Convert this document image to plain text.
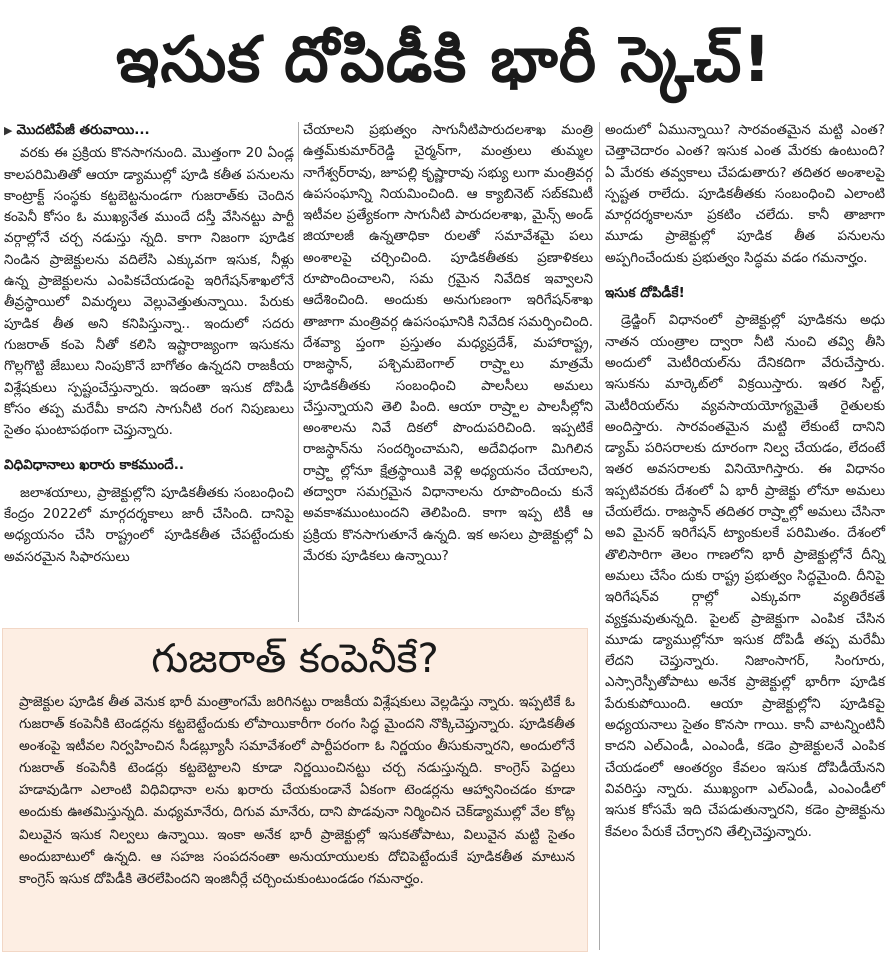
ఇసుక దోపిడీకి భారీ స్కెచ్!
▶ మొదటిపేజీ తరువాయి...

వరకు ఈ ప్రక్రియ కొనసాగనుంది. మొత్తంగా 20 ఏండ్ల కాలపరిమితితో ఆయా డ్యాముల్లో పూడి కతీత పనులను కాంట్రాక్ట్ సంస్థకు కట్టబెట్టనుండగా గుజరాత్‌కు చెందిన కంపెనీ కోసం ఓ ముఖ్యనేత ముందే దస్తీ వేసినట్టు పార్టీ వర్గాల్లోనే చర్చ నడుస్తు న్నది. కాగా నిజంగా పూడిక నిండిన ప్రాజెక్టులను వదిలేసి ఎక్కువగా ఇసుక, నీళ్లు ఉన్న ప్రాజెక్టులను ఎంపికచేయడంపై ఇరిగేషన్‌శాఖలోనే తీవ్రస్థాయిలో విమర్శలు వెల్లువెత్తుతున్నాయి. పేరుకు పూడిక తీత అని కనిపిస్తున్నా.. ఇందులో సదరు గుజరాత్ కంపె నీతో కలిసి ఇష్టారాజ్యంగా ఇసుకను గొల్లగొట్టి జేబులు నింపుకొనే బాగోతం ఉన్నదని రాజకీయ విశ్లేషకులు స్పష్టంచేస్తున్నారు. ఇదంతా ఇసుక దోపిడీ కోసం తప్ప మరేమీ కాదని సాగునీటి రంగ నిపుణులు సైతం ఘంటాపథంగా చెప్తున్నారు.

విధివిధానాలు ఖరారు కాకముందే..

జలాశయాలు, ప్రాజెక్టుల్లోని పూడికతీతకు సంబంధించి కేంద్రం 2022లో మార్గదర్శకాలు జారీ చేసింది. దానిపై అధ్యయనం చేసి రాష్ట్రంలో పూడికతీత చేపట్టేందుకు అవసరమైన సిఫారసులు

చేయాలని ప్రభుత్వం సాగునీటిపారుదలశాఖ మంత్రి ఉత్తమ్‌కుమార్‌రెడ్డి చైర్మన్‌గా, మంత్రులు తుమ్మల నాగేశ్వర్‌రావు, జూపల్లి కృష్ణారావు సభ్యు లుగా మంత్రివర్గ ఉపసంఘాన్ని నియమించింది. ఆ క్యాబినెట్ సబ్‌కమిటీ ఇటీవల ప్రత్యేకంగా సాగునీటి పారుదలశాఖ, మైన్స్ అండ్ జియాలజీ ఉన్నతాధికా రులతో సమావేశమై పలు అంశాలపై చర్చించింది. పూడికతీతకు ప్రణాళికలు రూపొందించాలని, సమ గ్రమైన నివేదిక ఇవ్వాలని ఆదేశించింది. అందుకు అనుగుణంగా ఇరిగేషన్‌శాఖ తాజాగా మంత్రివర్గ ఉపసంఘానికి నివేదిక సమర్పించింది. దేశవ్యా ప్తంగా ప్రస్తుతం మధ్యప్రదేశ్, మహారాష్ట్ర, రాజస్థాన్, పశ్చిమబెంగాల్ రాష్ర్టాలు మాత్రమే పూడికతీతకు సంబంధించి పాలసీలు అమలు చేస్తున్నాయని తెలి పింది. ఆయా రాష్ర్టాల పాలసీల్లోని అంశాలను నివే దికలో పొందుపరిచింది. ఇప్పటికే రాజస్థాన్‌ను సందర్శించామని, అదేవిధంగా మిగిలిన రాష్ర్టా ల్లోనూ క్షేత్రస్థాయికి వెళ్లి అధ్యయనం చేయాలని, తద్వారా సమగ్రమైన విధానాలను రూపొందించు కునే అవకాశముంటుందని తెలిపింది. కాగా ఇప్ప టికీ ఆ ప్రక్రియ కొనసాగుతూనే ఉన్నది. ఇక అసలు ప్రాజెక్టుల్లో ఏ మేరకు పూడికలు ఉన్నాయి?

అందులో ఏమున్నాయి? సారవంతమైన మట్టి ఎంత? చెత్తాచెదారం ఎంత? ఇసుక ఎంత మేరకు ఉంటుంది? ఏ మేరకు తవ్వకాలు చేపడుతారు? తదితర అంశాలపై స్పష్టత రాలేదు. పూడికతీతకు సంబంధించి ఎలాంటి మార్గదర్శకాలనూ ప్రకటిం చలేదు. కానీ తాజాగా మూడు ప్రాజెక్టుల్లో పూడిక తీత పనులను అప్పగించేందుకు ప్రభుత్వం సిద్ధమ వడం గమనార్హం.

ఇసుక దోపిడీకే!

డ్రెడ్జింగ్ విధానంలో ప్రాజెక్టుల్లో పూడికను అధు నాతన యంత్రాల ద్వారా నీటి నుంచి తవ్వి తీసి అందులో మెటీరియల్‌ను దేనికదిగా వేరుచేస్తారు. ఇసుకను మార్కెట్‌లో విక్రయిస్తారు. ఇతర సిల్ట్, మెటీరియల్‌ను వ్యవసాయయోగ్యమైతే రైతులకు అందిస్తారు. సారవంతమైన మట్టి లేకుంటే దానిని డ్యామ్ పరిసరాలకు దూరంగా నిల్వ చేయడం, లేదంటే ఇతర అవసరాలకు వినియోగిస్తారు. ఈ విధానం ఇప్పటివరకు దేశంలో ఏ భారీ ప్రాజెక్టు లోనూ అమలు చేయలేదు. రాజస్థాన్ తదితర రాష్ర్టాల్లో అమలు చేసినా అవి మైనర్ ఇరిగేషన్ ట్యాంకులకే పరిమితం. దేశంలో తొలిసారిగా తెలం గాణలోని భారీ ప్రాజెక్టుల్లోనే దీన్ని అమలు చేసేం దుకు రాష్ట్ర ప్రభుత్వం సిద్ధమైంది. దీనిపై ఇరిగేషన్‌వ ర్గాల్లో ఎక్కువగా వ్యతిరేకతే వ్యక్తమవుతున్నది. పైలట్ ప్రాజెక్టుగా ఎంపిక చేసిన మూడు డ్యాముల్లోనూ ఇసుక దోపిడీ తప్ప మరేమీ లేదని చెప్తున్నారు. నిజాంసాగర్, సింగూరు, ఎస్సారెస్పీతోపాటు అనేక ప్రాజెక్టుల్లో భారీగా పూడిక పేరుకుపోయింది. ఆయా ప్రాజెక్టుల్లోని పూడికపై అధ్యయనాలు సైతం కొనసా గాయి. కానీ వాటన్నింటినీ కాదని ఎల్ఎండీ, ఎంఎండీ, కడెం ప్రాజెక్టులనే ఎంపిక చేయడంలో ఆంతర్యం కేవలం ఇసుక దోపిడీయేనని వివరిస్తు న్నారు. ముఖ్యంగా ఎల్ఎండీ, ఎంఎండీలో ఇసుక కోసమే ఇది చేపడుతున్నారని, కడెం ప్రాజెక్టును కేవలం పేరుకే చేర్చారని తేల్చిచెప్తున్నారు.

గుజరాత్ కంపెనీకే?

ప్రాజెక్టుల పూడిక తీత వెనుక భారీ మంత్రాంగమే జరిగినట్టు రాజకీయ విశ్లేషకులు వెల్లడిస్తు న్నారు. ఇప్పటికే ఓ గుజరాత్ కంపెనీకి టెండర్లను కట్టబెట్టేందుకు లోపాయికారీగా రంగం సిద్ధ మైందని నొక్కిచెప్తున్నారు. పూడికతీత అంశంపై ఇటీవల నిర్వహించిన సీడబ్ల్యూసీ సమావేశంలో పార్టీపరంగా ఓ నిర్ణయం తీసుకున్నారని, అందులోనే గుజరాత్ కంపెనీకి టెండర్లు కట్టబెట్టాలని కూడా నిర్ణయించినట్టు చర్చ నడుస్తున్నది. కాంగ్రెస్ పెద్దలు హడావుడిగా ఎలాంటి విధివిధానా లను ఖరారు చేయకుండానే ఏకంగా టెండర్లను ఆహ్వానించడం కూడా అందుకు ఊతమిస్తున్నది. మధ్యమానేరు, దిగువ మానేరు, దాని పొడవునా నిర్మించిన చెక్‌డ్యాముల్లో వేల కోట్ల విలువైన ఇసుక నిల్వలు ఉన్నాయి. ఇంకా అనేక భారీ ప్రాజెక్టుల్లో ఇసుకతోపాటు, విలువైన మట్టి సైతం అందుబాటులో ఉన్నది. ఆ సహజ సంపదనంతా అనుయాయులకు దోచిపెట్టేందుకే పూడికతీత మాటున కాంగ్రెస్ ఇసుక దోపిడీకి తెరలేపిందని ఇంజినీర్లే చర్చించుకుంటుండడం గమనార్హం.
